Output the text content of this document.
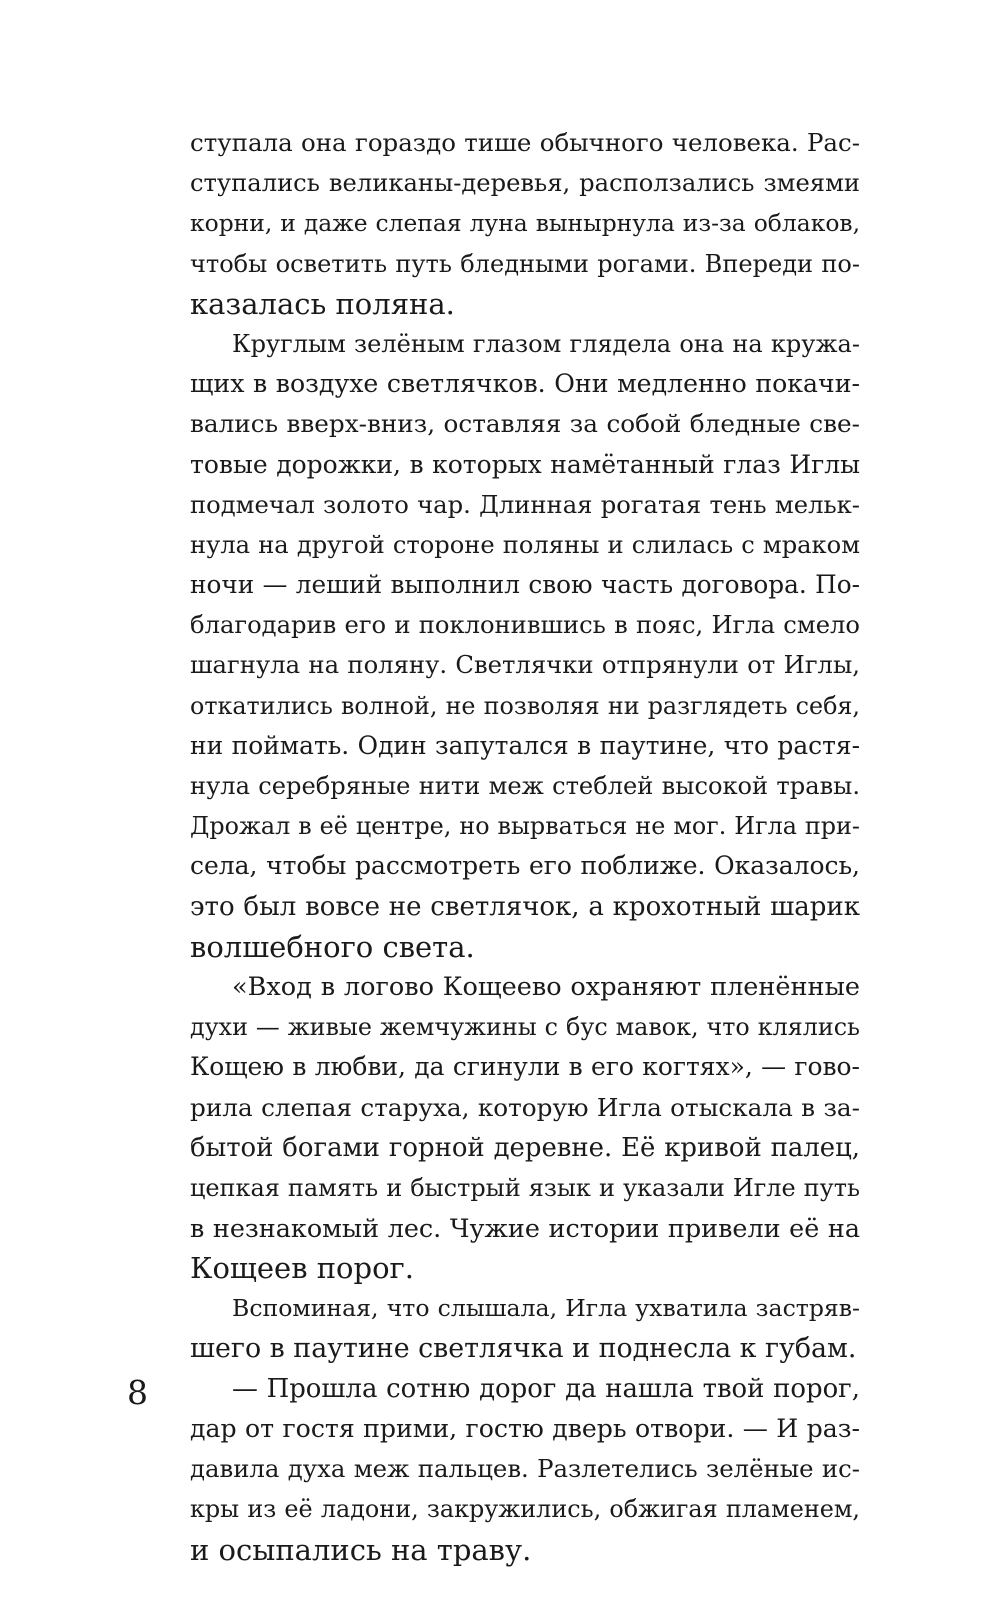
ступала она гораздо тише обычного человека. Рас-
ступались великаны-деревья, расползались змеями
корни, и даже слепая луна вынырнула из-за облаков,
чтобы осветить путь бледными рогами. Впереди по-
казалась поляна.
Круглым зелёным глазом глядела она на кружа-
щих в воздухе светлячков. Они медленно покачи-
вались вверх-вниз, оставляя за собой бледные све-
товые дорожки, в которых намётанный глаз Иглы
подмечал золото чар. Длинная рогатая тень мельк-
нула на другой стороне поляны и слилась с мраком
ночи — леший выполнил свою часть договора. По-
благодарив его и поклонившись в пояс, Игла смело
шагнула на поляну. Светлячки отпрянули от Иглы,
откатились волной, не позволяя ни разглядеть себя,
ни поймать. Один запутался в паутине, что растя-
нула серебряные нити меж стеблей высокой травы.
Дрожал в её центре, но вырваться не мог. Игла при-
села, чтобы рассмотреть его поближе. Оказалось,
это был вовсе не светлячок, а крохотный шарик
волшебного света.
«Вход в логово Кощеево охраняют пленённые
духи — живые жемчужины с бус мавок, что клялись
Кощею в любви, да сгинули в его когтях», — гово-
рила слепая старуха, которую Игла отыскала в за-
бытой богами горной деревне. Её кривой палец,
цепкая память и быстрый язык и указали Игле путь
в незнакомый лес. Чужие истории привели её на
Кощеев порог.
Вспоминая, что слышала, Игла ухватила застряв-
шего в паутине светлячка и поднесла к губам.
— Прошла сотню дорог да нашла твой порог,
дар от гостя прими, гостю дверь отвори. — И раз-
давила духа меж пальцев. Разлетелись зелёные ис-
кры из её ладони, закружились, обжигая пламенем,
и осыпались на траву.
8
